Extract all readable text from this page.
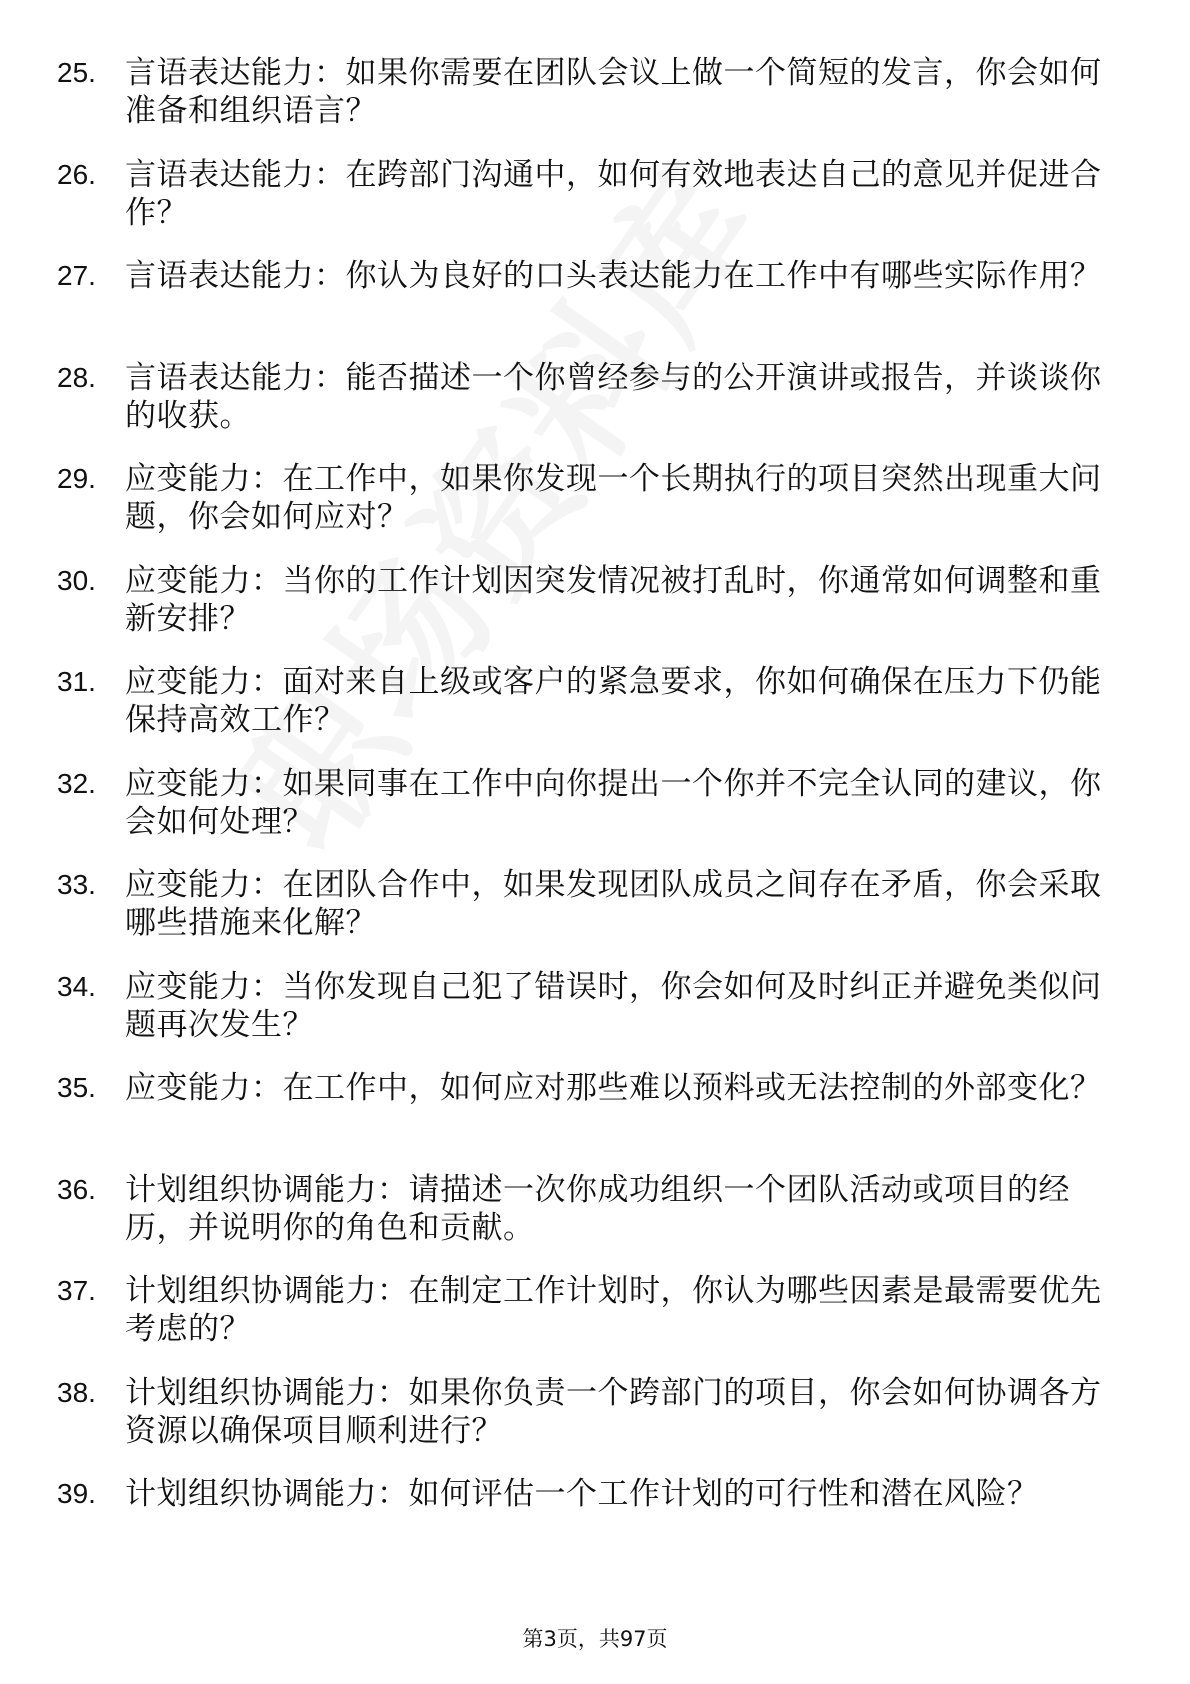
25. 言语表达能力：如果你需要在团队会议上做一个简短的发言，你会如何准备和组织语言？
26. 言语表达能力：在跨部门沟通中，如何有效地表达自己的意见并促进合作？
27. 言语表达能力：你认为良好的口头表达能力在工作中有哪些实际作用？
28. 言语表达能力：能否描述一个你曾经参与的公开演讲或报告，并谈谈你的收获。
29. 应变能力：在工作中，如果你发现一个长期执行的项目突然出现重大问题，你会如何应对？
30. 应变能力：当你的工作计划因突发情况被打乱时，你通常如何调整和重新安排？
31. 应变能力：面对来自上级或客户的紧急要求，你如何确保在压力下仍能保持高效工作？
32. 应变能力：如果同事在工作中向你提出一个你并不完全认同的建议，你会如何处理？
33. 应变能力：在团队合作中，如果发现团队成员之间存在矛盾，你会采取哪些措施来化解？
34. 应变能力：当你发现自己犯了错误时，你会如何及时纠正并避免类似问题再次发生？
35. 应变能力：在工作中，如何应对那些难以预料或无法控制的外部变化？
36. 计划组织协调能力：请描述一次你成功组织一个团队活动或项目的经历，并说明你的角色和贡献。
37. 计划组织协调能力：在制定工作计划时，你认为哪些因素是最需要优先考虑的？
38. 计划组织协调能力：如果你负责一个跨部门的项目，你会如何协调各方资源以确保项目顺利进行？
39. 计划组织协调能力：如何评估一个工作计划的可行性和潜在风险？
第3页，共97页
